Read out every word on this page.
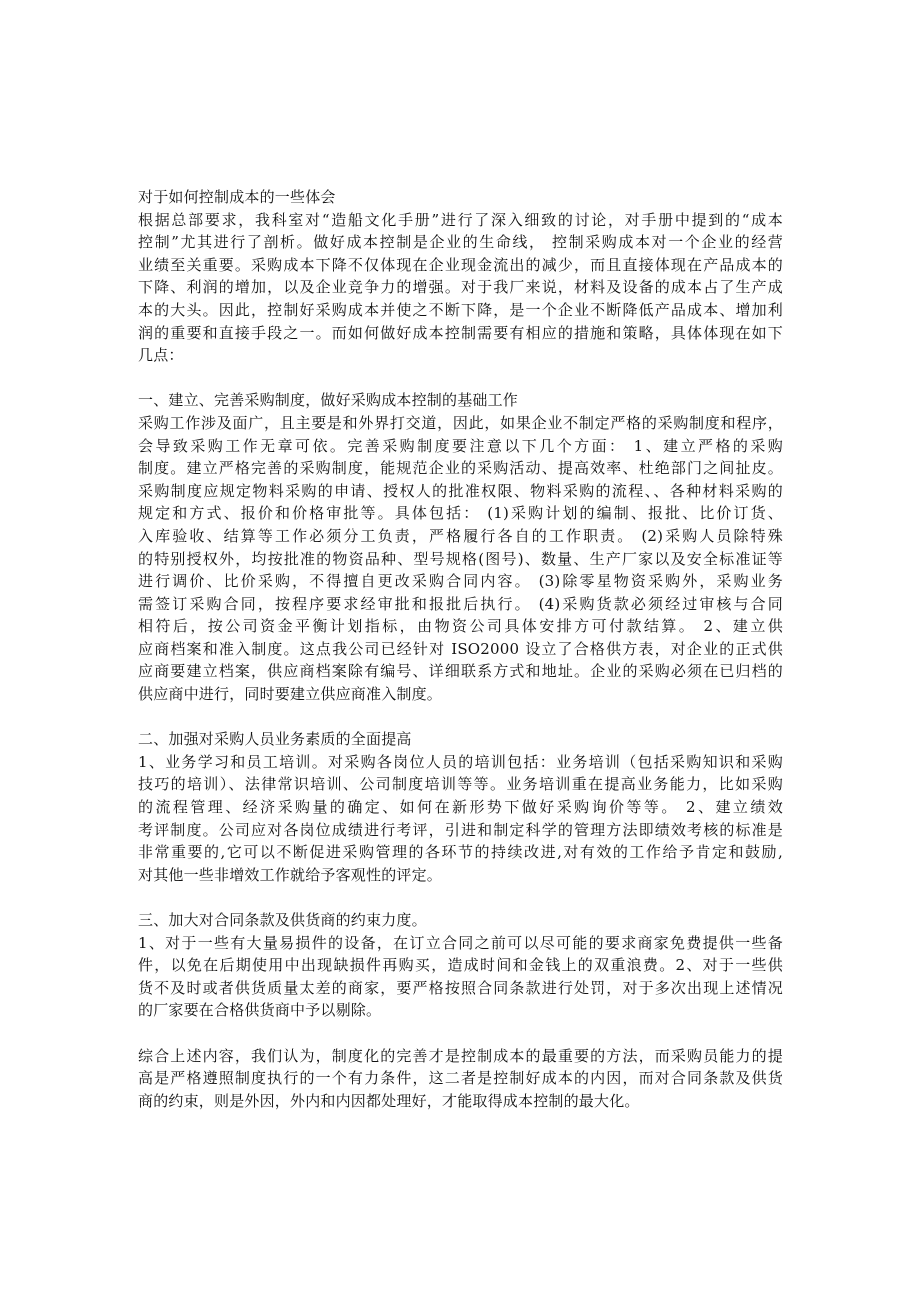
对于如何控制成本的一些体会
根据总部要求，我科室对“造船文化手册”进行了深入细致的讨论，对手册中提到的“成本
控制”尤其进行了剖析。做好成本控制是企业的生命线， 控制采购成本对一个企业的经营
业绩至关重要。采购成本下降不仅体现在企业现金流出的减少，而且直接体现在产品成本的
下降、利润的增加，以及企业竞争力的增强。对于我厂来说，材料及设备的成本占了生产成
本的大头。因此，控制好采购成本并使之不断下降，是一个企业不断降低产品成本、增加利
润的重要和直接手段之一。而如何做好成本控制需要有相应的措施和策略，具体体现在如下
几点：
一、建立、完善采购制度，做好采购成本控制的基础工作
采购工作涉及面广，且主要是和外界打交道，因此，如果企业不制定严格的采购制度和程序，
会导致采购工作无章可依。完善采购制度要注意以下几个方面： 1、建立严格的采购
制度。建立严格完善的采购制度，能规范企业的采购活动、提高效率、杜绝部门之间扯皮。
采购制度应规定物料采购的申请、授权人的批准权限、物料采购的流程、、各种材料采购的
规定和方式、报价和价格审批等。具体包括： (1)采购计划的编制、报批、比价订货、
入库验收、结算等工作必须分工负责，严格履行各自的工作职责。 (2)采购人员除特殊
的特别授权外，均按批准的物资品种、型号规格(图号)、数量、生产厂家以及安全标准证等
进行调价、比价采购，不得擅自更改采购合同内容。 (3)除零星物资采购外，采购业务
需签订采购合同，按程序要求经审批和报批后执行。 (4)采购货款必须经过审核与合同
相符后，按公司资金平衡计划指标，由物资公司具体安排方可付款结算。 2、建立供
应商档案和准入制度。这点我公司已经针对 ISO2000 设立了合格供方表，对企业的正式供
应商要建立档案，供应商档案除有编号、详细联系方式和地址。企业的采购必须在已归档的
供应商中进行，同时要建立供应商准入制度。
二、加强对采购人员业务素质的全面提高
1、业务学习和员工培训。对采购各岗位人员的培训包括：业务培训（包括采购知识和采购
技巧的培训）、法律常识培训、公司制度培训等等。业务培训重在提高业务能力，比如采购
的流程管理、经济采购量的确定、如何在新形势下做好采购询价等等。 2、建立绩效
考评制度。公司应对各岗位成绩进行考评，引进和制定科学的管理方法即绩效考核的标准是
非常重要的,它可以不断促进采购管理的各环节的持续改进,对有效的工作给予肯定和鼓励,
对其他一些非增效工作就给予客观性的评定。
三、加大对合同条款及供货商的约束力度。
1、对于一些有大量易损件的设备，在订立合同之前可以尽可能的要求商家免费提供一些备
件，以免在后期使用中出现缺损件再购买，造成时间和金钱上的双重浪费。2、对于一些供
货不及时或者供货质量太差的商家，要严格按照合同条款进行处罚，对于多次出现上述情况
的厂家要在合格供货商中予以剔除。
综合上述内容，我们认为，制度化的完善才是控制成本的最重要的方法，而采购员能力的提
高是严格遵照制度执行的一个有力条件，这二者是控制好成本的内因，而对合同条款及供货
商的约束，则是外因，外内和内因都处理好，才能取得成本控制的最大化。
